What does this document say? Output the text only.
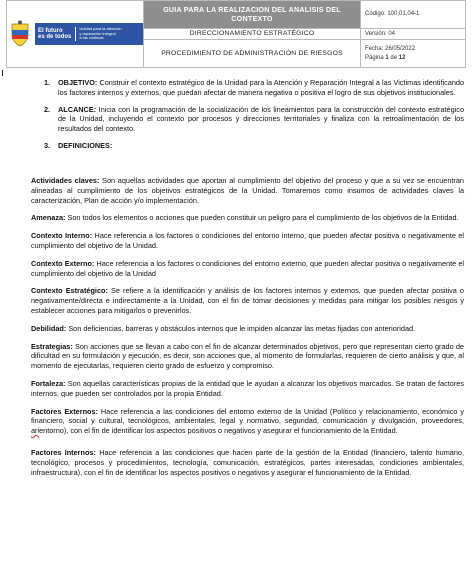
El futuro
es de todos
Unidad para la atención
y reparación integral
a las víctimas	GUIA PARA LA REALIZACION DEL ANALISIS DEL CONTEXTO	Código: 100,01,04-1
	DIRECCIONAMIENTO ESTRATÉGICO	Versión: 04
	PROCEDIMIENTO DE ADMINISTRACIÓN DE RIESGOS	Fecha: 26/05/2022
Página 1 de 12
1.	OBJETIVO: Construir el contexto estratégico de la Unidad para la Atención y Reparación Integral a las Victimas identificando los factores internos y externos, que puedan afectar de manera negativa o positiva el logro de sus objetivos institucionales.
2.	ALCANCE: Inicia con la programación de la socialización de los lineamientos para la construcción del contexto estratégico de la Unidad, incluyendo el contexto por procesos y direcciones territoriales y finaliza con la retroalimentación de los resultados del contexto.
3.	DEFINICIONES:

Actividades claves: Son aquellas actividades que aportan al cumplimiento del objetivo del proceso y que a su vez se encuentran alineadas al cumplimiento de los objetivos estratégicos de la Unidad. Tomaremos como insumos de actividades claves la caracterización, Plan de acción y/o implementación.

Amenaza: Son todos los elementos o acciones que pueden constituir un peligro para el cumplimiento de los objetivos de la Entidad.

Contexto Interno: Hace referencia a los factores o condiciones del entorno interno, que pueden afectar positiva o negativamente el cumplimiento del objetivo de la Unidad.

Contexto Externo: Hace referencia a los factores o condiciones del entorno externo, que pueden afectar positiva o negativamente el cumplimiento del objetivo de la Unidad

Contexto Estratégico: Se refiere a la identificación y análisis de los factores internos y externos, que pueden afectar positiva o negativamente/directa e indirectamente a la Unidad, con el fin de tomar decisiones y medidas para mitigar los posibles riesgos y establecer acciones para mitigarlos o prevenirlos.

Debilidad: Son deficiencias, barreras y obstáculos internos que le impiden alcanzar las metas fijadas con anterioridad.

Estrategias: Son acciones que se llevan a cabo con el fin de alcanzar determinados objetivos, pero que representan cierto grado de dificultad en su formulación y ejecución, es decir, son acciones que, al momento de formularlas, requieren de cierto análisis y que, al momento de ejecutarlas, requieren cierto grado de esfuerzo y compromiso.

Fortaleza: Son aquellas características propias de la entidad que le ayudan a alcanzar los objetivos marcados. Se tratan de factores internos, que pueden ser controlados por la propia Entidad.

Factores Externos: Hace referencia a las condiciones del entorno externo de la Unidad (Político y relacionamiento, económico y financiero, social y cultural, tecnológicos, ambientales, legal y normativo, seguridad, comunicación y divulgación, proveedores, arientorno), con el fin de identificar los aspectos positivos o negativos y asegurar el funcionamiento de la Entidad.

Factores Internos: Hace referencia a las condiciones que hacen parte de la gestión de la Entidad (financiero, talento humano, tecnológico, procesos y procedimientos, tecnología, comunicación, estratégicos, partes interesadas, condiciones ambientales, infraestructura), con el fin de identificar los aspectos positivos o negativos y asegurar el funcionamiento de la Entidad.
